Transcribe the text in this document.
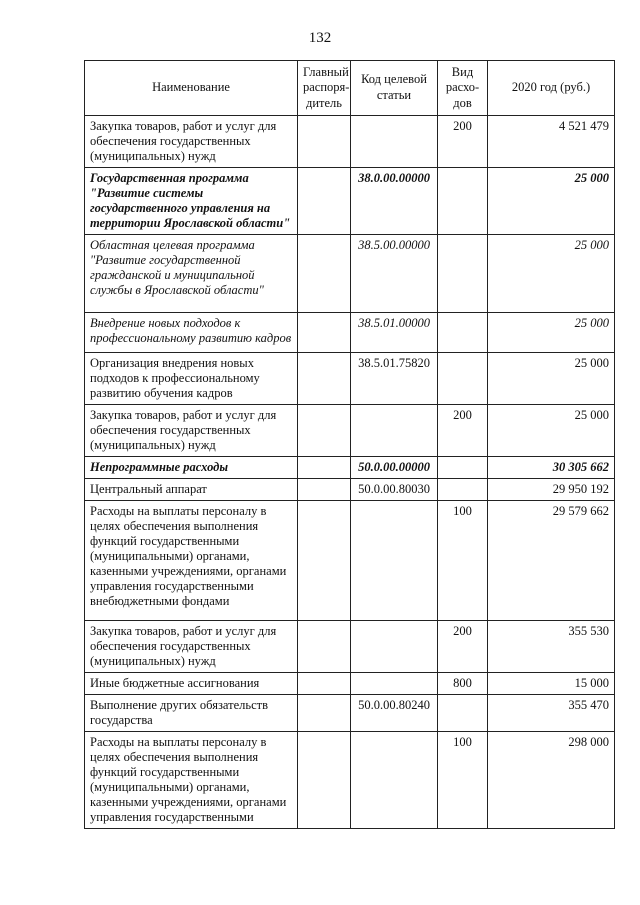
132
Наименование	Главный распоря-дитель	Код целевой статьи	Вид расхо-дов	2020 год (руб.)
Закупка товаров, работ и услуг для обеспечения государственных (муниципальных) нужд			200	4 521 479
Государственная программа "Развитие системы государственного управления на территории Ярославской области"		38.0.00.00000		25 000
Областная целевая программа "Развитие государственной гражданской и муниципальной службы в Ярославской области"		38.5.00.00000		25 000
Внедрение новых подходов к профессиональному развитию кадров		38.5.01.00000		25 000
Организация внедрения новых подходов к профессиональному развитию обучения кадров		38.5.01.75820		25 000
Закупка товаров, работ и услуг для обеспечения государственных (муниципальных) нужд			200	25 000
Непрограммные расходы		50.0.00.00000		30 305 662
Центральный аппарат		50.0.00.80030		29 950 192
Расходы на выплаты персоналу в целях обеспечения выполнения функций государственными (муниципальными) органами, казенными учреждениями, органами управления государственными внебюджетными фондами			100	29 579 662
Закупка товаров, работ и услуг для обеспечения государственных (муниципальных) нужд			200	355 530
Иные бюджетные ассигнования			800	15 000
Выполнение других обязательств государства		50.0.00.80240		355 470
Расходы на выплаты персоналу в целях обеспечения выполнения функций государственными (муниципальными) органами, казенными учреждениями, органами управления государственными			100	298 000
